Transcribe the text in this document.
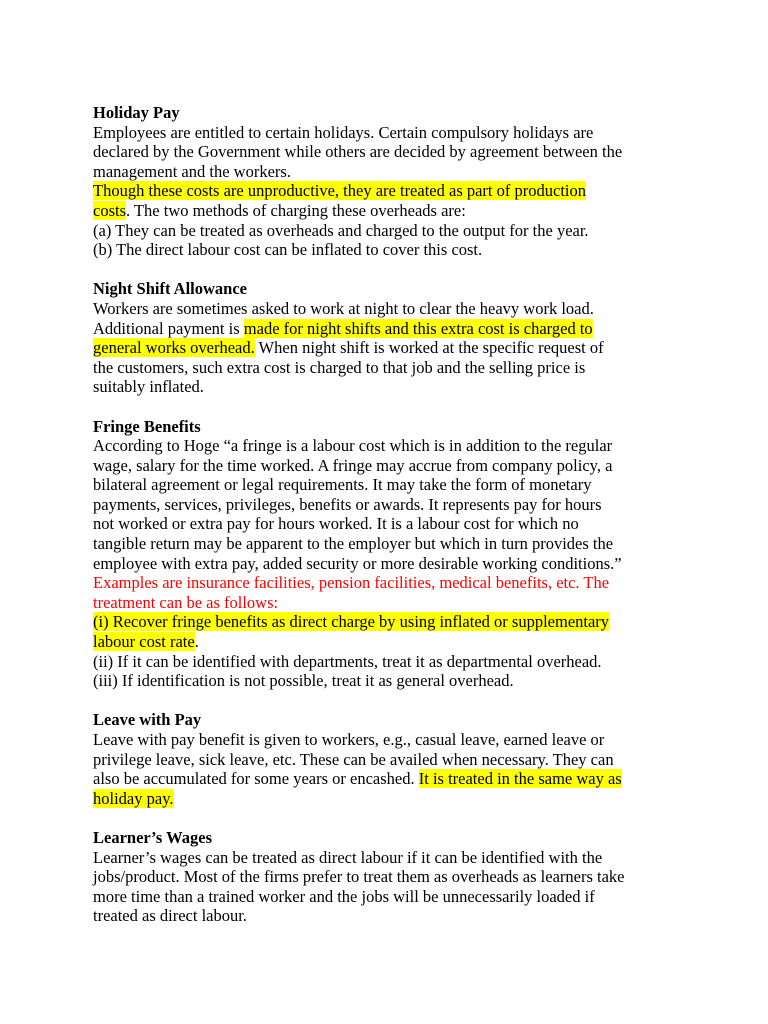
Holiday Pay
Employees are entitled to certain holidays. Certain compulsory holidays are
declared by the Government while others are decided by agreement between the
management and the workers.
Though these costs are unproductive, they are treated as part of production
costs. The two methods of charging these overheads are:
(a) They can be treated as overheads and charged to the output for the year.
(b) The direct labour cost can be inflated to cover this cost.
Night Shift Allowance
Workers are sometimes asked to work at night to clear the heavy work load.
Additional payment is made for night shifts and this extra cost is charged to
general works overhead. When night shift is worked at the specific request of
the customers, such extra cost is charged to that job and the selling price is
suitably inflated.
Fringe Benefits
According to Hoge “a fringe is a labour cost which is in addition to the regular
wage, salary for the time worked. A fringe may accrue from company policy, a
bilateral agreement or legal requirements. It may take the form of monetary
payments, services, privileges, benefits or awards. It represents pay for hours
not worked or extra pay for hours worked. It is a labour cost for which no
tangible return may be apparent to the employer but which in turn provides the
employee with extra pay, added security or more desirable working conditions.”
Examples are insurance facilities, pension facilities, medical benefits, etc. The
treatment can be as follows:
(i) Recover fringe benefits as direct charge by using inflated or supplementary
labour cost rate.
(ii) If it can be identified with departments, treat it as departmental overhead.
(iii) If identification is not possible, treat it as general overhead.
Leave with Pay
Leave with pay benefit is given to workers, e.g., casual leave, earned leave or
privilege leave, sick leave, etc. These can be availed when necessary. They can
also be accumulated for some years or encashed. It is treated in the same way as
holiday pay.
Learner’s Wages
Learner’s wages can be treated as direct labour if it can be identified with the
jobs/product. Most of the firms prefer to treat them as overheads as learners take
more time than a trained worker and the jobs will be unnecessarily loaded if
treated as direct labour.
